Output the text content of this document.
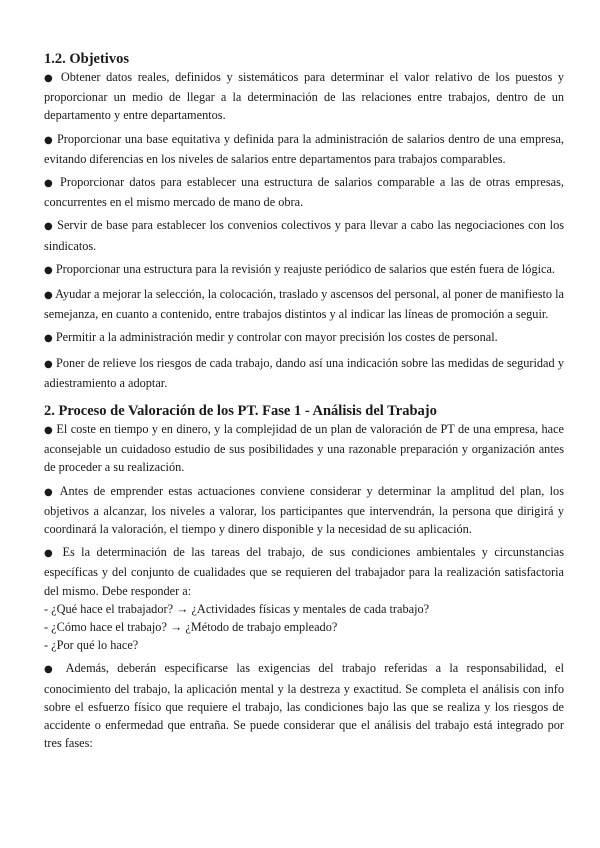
1.2. Objetivos

● Obtener datos reales, definidos y sistemáticos para determinar el valor relativo de los puestos y proporcionar un medio de llegar a la determinación de las relaciones entre trabajos, dentro de un departamento y entre departamentos.

● Proporcionar una base equitativa y definida para la administración de salarios dentro de una empresa, evitando diferencias en los niveles de salarios entre departamentos para trabajos comparables.

● Proporcionar datos para establecer una estructura de salarios comparable a las de otras empresas, concurrentes en el mismo mercado de mano de obra.

● Servir de base para establecer los convenios colectivos y para llevar a cabo las negociaciones con los sindicatos.

● Proporcionar una estructura para la revisión y reajuste periódico de salarios que estén fuera de lógica.

● Ayudar a mejorar la selección, la colocación, traslado y ascensos del personal, al poner de manifiesto la semejanza, en cuanto a contenido, entre trabajos distintos y al indicar las líneas de promoción a seguir.

● Permitir a la administración medir y controlar con mayor precisión los costes de personal.

● Poner de relieve los riesgos de cada trabajo, dando así una indicación sobre las medidas de seguridad y adiestramiento a adoptar.

2. Proceso de Valoración de los PT. Fase 1 - Análisis del Trabajo

● El coste en tiempo y en dinero, y la complejidad de un plan de valoración de PT de una empresa, hace aconsejable un cuidadoso estudio de sus posibilidades y una razonable preparación y organización antes de proceder a su realización.

● Antes de emprender estas actuaciones conviene considerar y determinar la amplitud del plan, los objetivos a alcanzar, los niveles a valorar, los participantes que intervendrán, la persona que dirigirá y coordinará la valoración, el tiempo y dinero disponible y la necesidad de su aplicación.

● Es la determinación de las tareas del trabajo, de sus condiciones ambientales y circunstancias específicas y del conjunto de cualidades que se requieren del trabajador para la realización satisfactoria del mismo. Debe responder a:

- ¿Qué hace el trabajador? → ¿Actividades físicas y mentales de cada trabajo?
- ¿Cómo hace el trabajo? → ¿Método de trabajo empleado?
- ¿Por qué lo hace?

● Además, deberán especificarse las exigencias del trabajo referidas a la responsabilidad, el conocimiento del trabajo, la aplicación mental y la destreza y exactitud. Se completa el análisis con info sobre el esfuerzo físico que requiere el trabajo, las condiciones bajo las que se realiza y los riesgos de accidente o enfermedad que entraña. Se puede considerar que el análisis del trabajo está integrado por tres fases:
